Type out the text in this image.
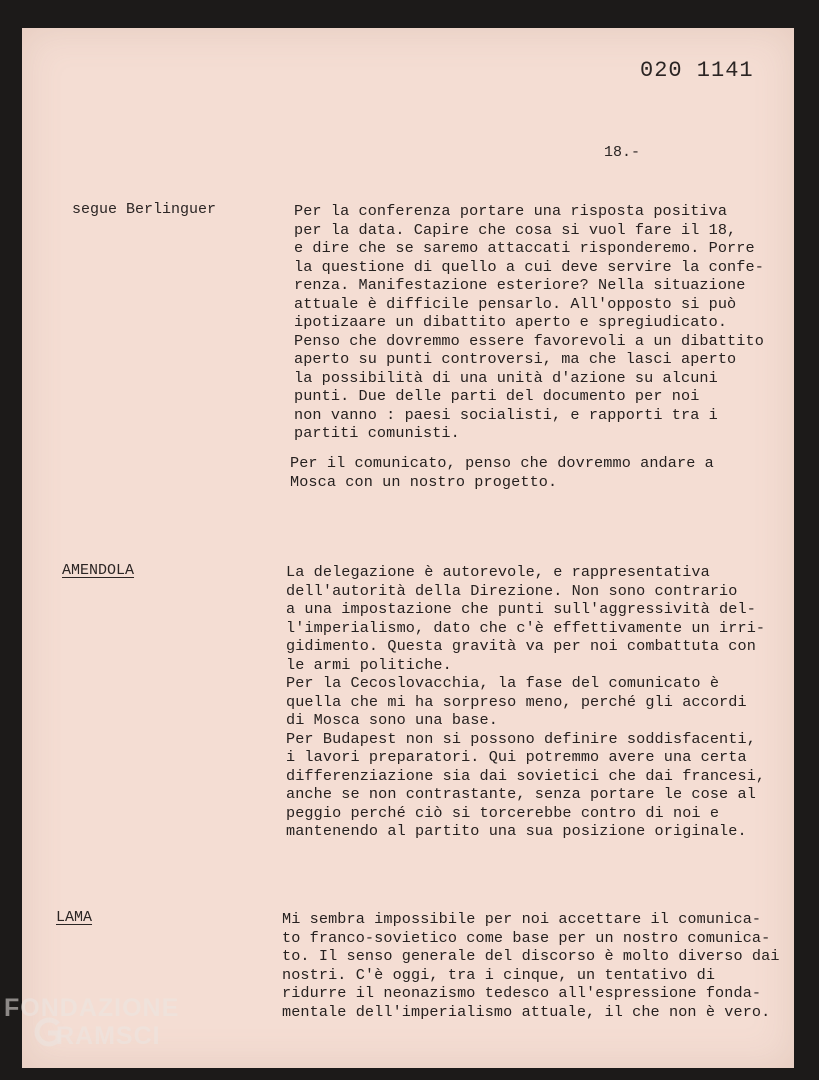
020 1141
18.-
segue Berlinguer	Per la conferenza portare una risposta positiva
per la data. Capire che cosa si vuol fare il 18,
e dire che se saremo attaccati risponderemo. Porre
la questione di quello a cui deve servire la confe-
renza. Manifestazione esteriore? Nella situazione
attuale è difficile pensarlo. All'opposto si può
ipotizaare un dibattito aperto e spregiudicato.
Penso che dovremmo essere favorevoli a un dibattito
aperto su punti controversi, ma che lasci aperto
la possibilità di una unità d'azione su alcuni
punti. Due delle parti del documento per noi
non vanno : paesi socialisti, e rapporti tra i
partiti comunisti.
Per il comunicato, penso che dovremmo andare a
Mosca con un nostro progetto.
AMENDOLA	La delegazione è autorevole, e rappresentativa
dell'autorità della Direzione. Non sono contrario
a una impostazione che punti sull'aggressività del-
l'imperialismo, dato che c'è effettivamente un irri-
gidimento. Questa gravità va per noi combattuta con
le armi politiche.
Per la Cecoslovacchia, la fase del comunicato è
quella che mi ha sorpreso meno, perché gli accordi
di Mosca sono una base.
Per Budapest non si possono definire soddisfacenti,
i lavori preparatori. Qui potremmo avere una certa
differenziazione sia dai sovietici che dai francesi,
anche se non contrastante, senza portare le cose al
peggio perché ciò si torcerebbe contro di noi e
mantenendo al partito una sua posizione originale.
LAMA	Mi sembra impossibile per noi accettare il comunica-
to franco-sovietico come base per un nostro comunica-
to. Il senso generale del discorso è molto diverso dai
nostri. C'è oggi, tra i cinque, un tentativo di
ridurre il neonazismo tedesco all'espressione fonda-
mentale dell'imperialismo attuale, il che non è vero.
FONDAZIONE
RAMSCI
